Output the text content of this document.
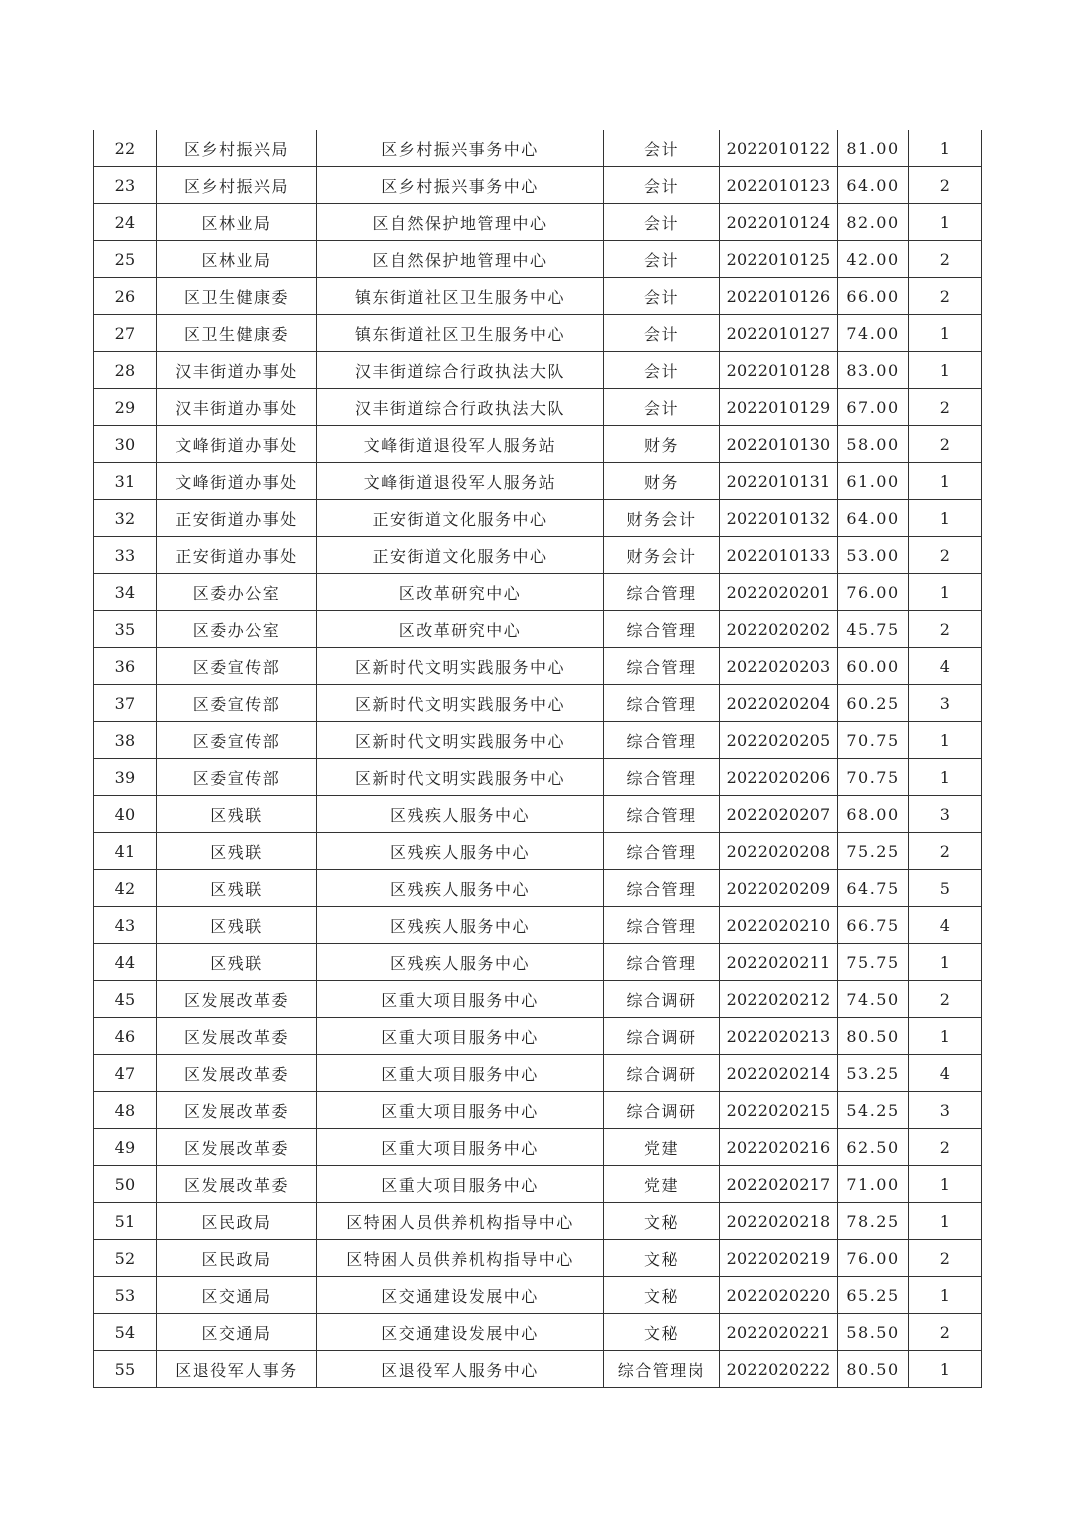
22	区乡村振兴局	区乡村振兴事务中心	会计	2022010122	81.00	1
23	区乡村振兴局	区乡村振兴事务中心	会计	2022010123	64.00	2
24	区林业局	区自然保护地管理中心	会计	2022010124	82.00	1
25	区林业局	区自然保护地管理中心	会计	2022010125	42.00	2
26	区卫生健康委	镇东街道社区卫生服务中心	会计	2022010126	66.00	2
27	区卫生健康委	镇东街道社区卫生服务中心	会计	2022010127	74.00	1
28	汉丰街道办事处	汉丰街道综合行政执法大队	会计	2022010128	83.00	1
29	汉丰街道办事处	汉丰街道综合行政执法大队	会计	2022010129	67.00	2
30	文峰街道办事处	文峰街道退役军人服务站	财务	2022010130	58.00	2
31	文峰街道办事处	文峰街道退役军人服务站	财务	2022010131	61.00	1
32	正安街道办事处	正安街道文化服务中心	财务会计	2022010132	64.00	1
33	正安街道办事处	正安街道文化服务中心	财务会计	2022010133	53.00	2
34	区委办公室	区改革研究中心	综合管理	2022020201	76.00	1
35	区委办公室	区改革研究中心	综合管理	2022020202	45.75	2
36	区委宣传部	区新时代文明实践服务中心	综合管理	2022020203	60.00	4
37	区委宣传部	区新时代文明实践服务中心	综合管理	2022020204	60.25	3
38	区委宣传部	区新时代文明实践服务中心	综合管理	2022020205	70.75	1
39	区委宣传部	区新时代文明实践服务中心	综合管理	2022020206	70.75	1
40	区残联	区残疾人服务中心	综合管理	2022020207	68.00	3
41	区残联	区残疾人服务中心	综合管理	2022020208	75.25	2
42	区残联	区残疾人服务中心	综合管理	2022020209	64.75	5
43	区残联	区残疾人服务中心	综合管理	2022020210	66.75	4
44	区残联	区残疾人服务中心	综合管理	2022020211	75.75	1
45	区发展改革委	区重大项目服务中心	综合调研	2022020212	74.50	2
46	区发展改革委	区重大项目服务中心	综合调研	2022020213	80.50	1
47	区发展改革委	区重大项目服务中心	综合调研	2022020214	53.25	4
48	区发展改革委	区重大项目服务中心	综合调研	2022020215	54.25	3
49	区发展改革委	区重大项目服务中心	党建	2022020216	62.50	2
50	区发展改革委	区重大项目服务中心	党建	2022020217	71.00	1
51	区民政局	区特困人员供养机构指导中心	文秘	2022020218	78.25	1
52	区民政局	区特困人员供养机构指导中心	文秘	2022020219	76.00	2
53	区交通局	区交通建设发展中心	文秘	2022020220	65.25	1
54	区交通局	区交通建设发展中心	文秘	2022020221	58.50	2
55	区退役军人事务	区退役军人服务中心	综合管理岗	2022020222	80.50	1
